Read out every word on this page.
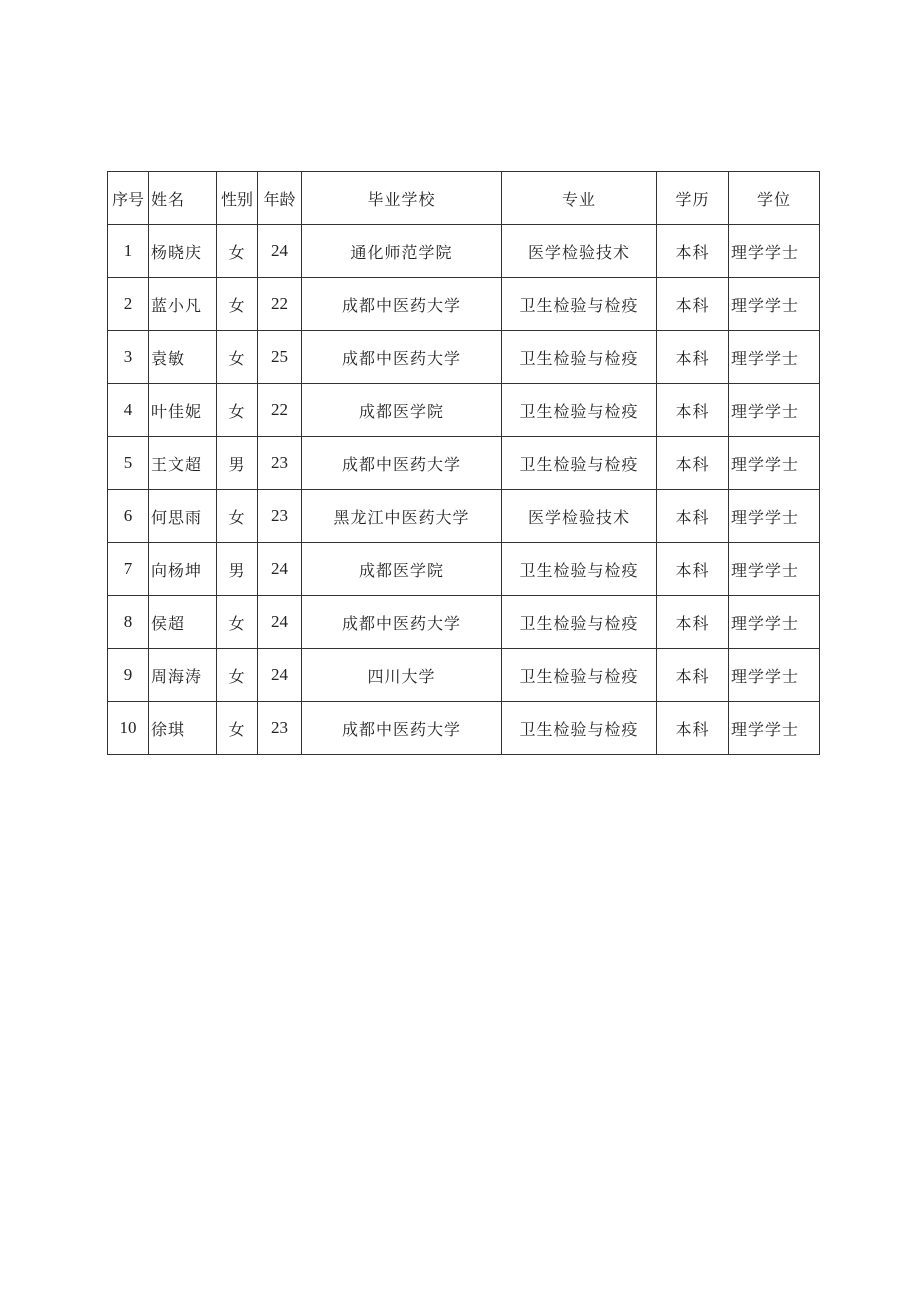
序号	姓名	性别	年龄	毕业学校	专业	学历	学位
1	杨晓庆	女	24	通化师范学院	医学检验技术	本科	理学学士
2	蓝小凡	女	22	成都中医药大学	卫生检验与检疫	本科	理学学士
3	袁敏	女	25	成都中医药大学	卫生检验与检疫	本科	理学学士
4	叶佳妮	女	22	成都医学院	卫生检验与检疫	本科	理学学士
5	王文超	男	23	成都中医药大学	卫生检验与检疫	本科	理学学士
6	何思雨	女	23	黑龙江中医药大学	医学检验技术	本科	理学学士
7	向杨坤	男	24	成都医学院	卫生检验与检疫	本科	理学学士
8	侯超	女	24	成都中医药大学	卫生检验与检疫	本科	理学学士
9	周海涛	女	24	四川大学	卫生检验与检疫	本科	理学学士
10	徐琪	女	23	成都中医药大学	卫生检验与检疫	本科	理学学士
